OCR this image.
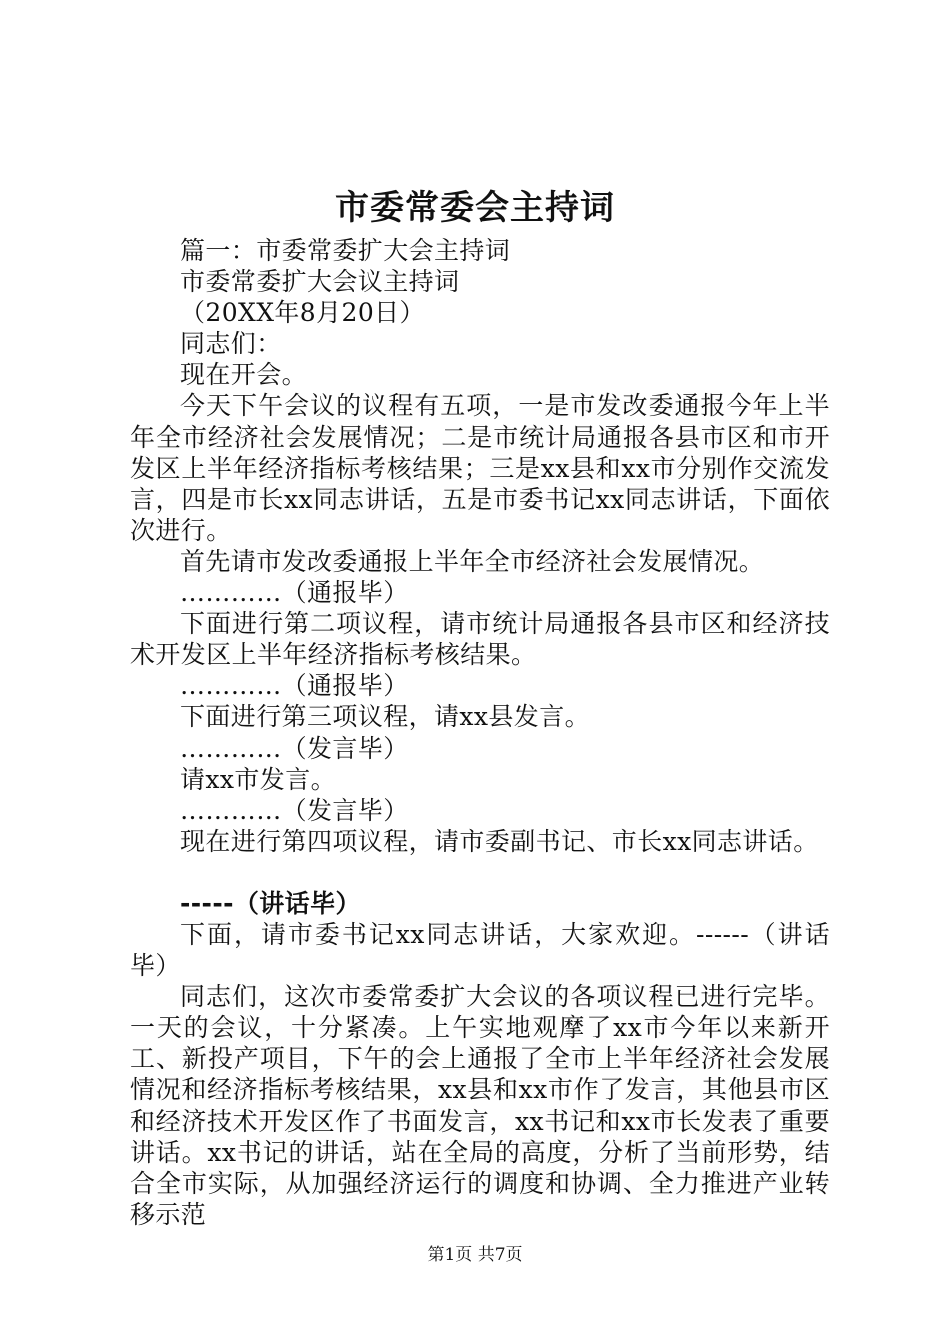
市委常委会主持词

篇一：市委常委扩大会主持词

市委常委扩大会议主持词

（20XX年8月20日）

同志们：

现在开会。

今天下午会议的议程有五项，一是市发改委通报今年上半年全市经济社会发展情况；二是市统计局通报各县市区和市开发区上半年经济指标考核结果；三是xx县和xx市分别作交流发言，四是市长xx同志讲话，五是市委书记xx同志讲话，下面依次进行。

首先请市发改委通报上半年全市经济社会发展情况。

…………（通报毕）

下面进行第二项议程，请市统计局通报各县市区和经济技术开发区上半年经济指标考核结果。

…………（通报毕）

下面进行第三项议程，请xx县发言。

…………（发言毕）

请xx市发言。

…………（发言毕）

现在进行第四项议程，请市委副书记、市长xx同志讲话。

-----（讲话毕）

下面，请市委书记xx同志讲话，大家欢迎。------（讲话毕）

同志们，这次市委常委扩大会议的各项议程已进行完毕。一天的会议，十分紧凑。上午实地观摩了xx市今年以来新开工、新投产项目，下午的会上通报了全市上半年经济社会发展情况和经济指标考核结果，xx县和xx市作了发言，其他县市区和经济技术开发区作了书面发言，xx书记和xx市长发表了重要讲话。xx书记的讲话，站在全局的高度，分析了当前形势，结合全市实际，从加强经济运行的调度和协调、全力推进产业转移示范

第1页 共7页
